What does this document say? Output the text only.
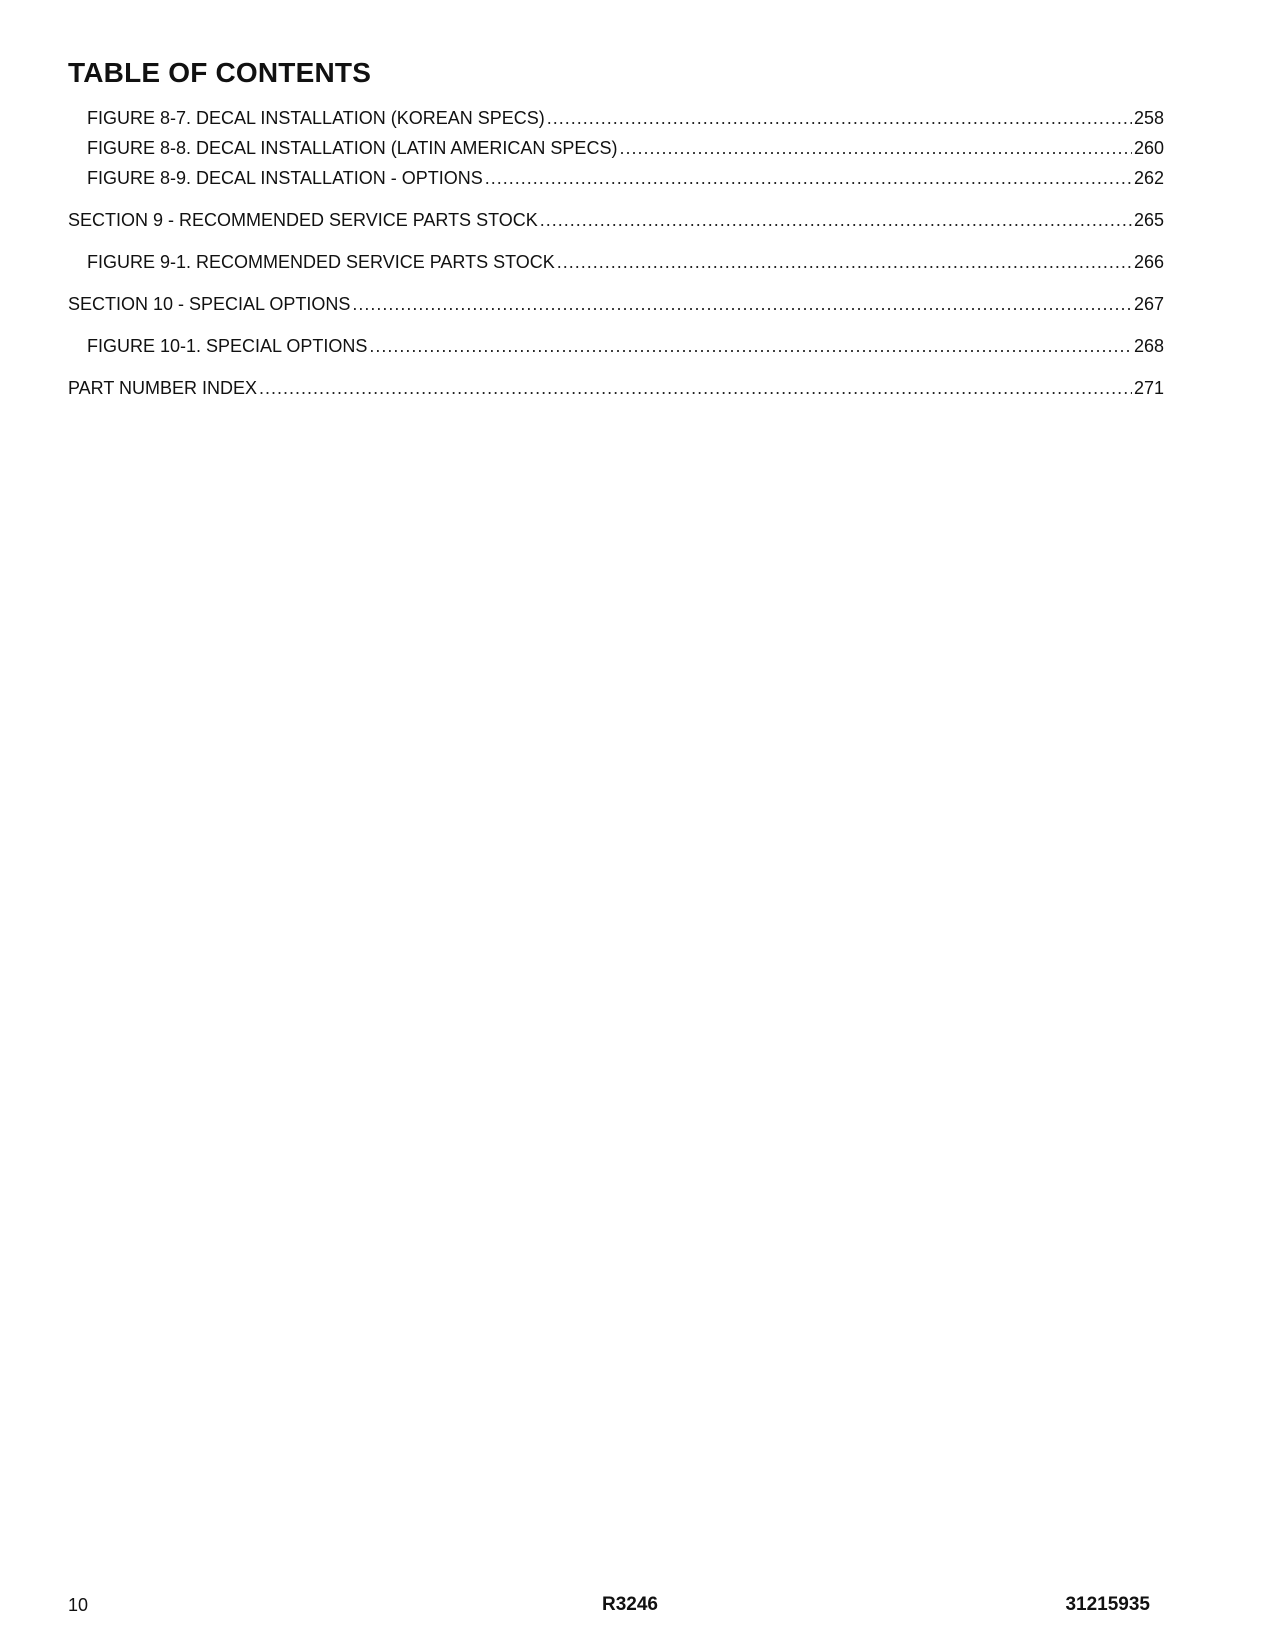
TABLE OF CONTENTS
FIGURE 8-7. DECAL INSTALLATION (KOREAN SPECS) .....	258
FIGURE 8-8. DECAL INSTALLATION (LATIN AMERICAN SPECS) .....	260
FIGURE 8-9. DECAL INSTALLATION - OPTIONS .....	262
SECTION 9 - RECOMMENDED SERVICE PARTS STOCK .....	265
FIGURE 9-1. RECOMMENDED SERVICE PARTS STOCK .....	266
SECTION 10 - SPECIAL OPTIONS .....	267
FIGURE 10-1. SPECIAL OPTIONS .....	268
PART NUMBER INDEX .....	271
10	R3246	31215935
